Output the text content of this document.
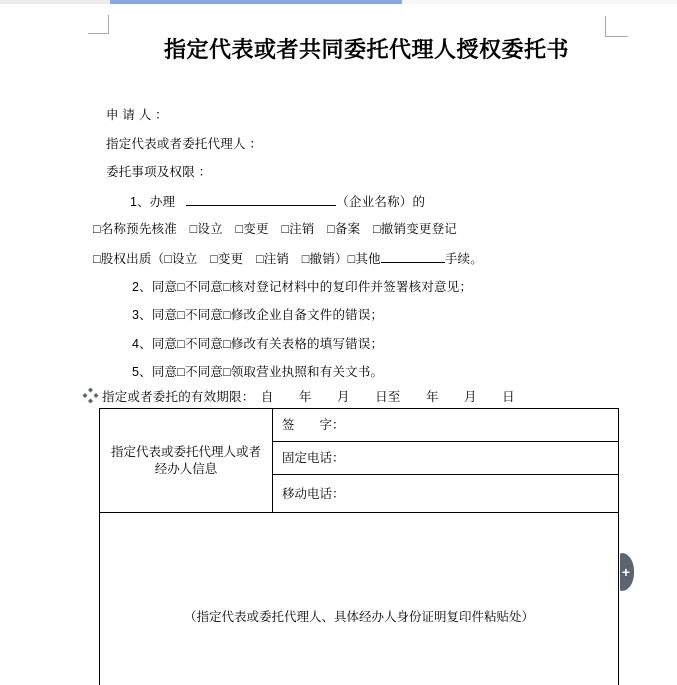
指定代表或者共同委托代理人授权委托书
申 请 人 ：
指定代表或者委托代理人 ：
委托事项及权限 ：
1、办理	（企业名称）的
□名称预先核准　□设立　□变更　□注销　□备案　□撤销变更登记
□股权出质（□设立　□变更　□注销　□撤销）□其他	手续。
2、同意□不同意□核对登记材料中的复印件并签署核对意见；
3、同意□不同意□修改企业自备文件的错误；
4、同意□不同意□修改有关表格的填写错误；
5、同意□不同意□领取营业执照和有关文书。
指定或者委托的有效期限：　自　　年　　月　　日至　　年　　月　　日
指定代表或委托代理人或者
经办人信息
签　　字：
固定电话：
移动电话：
（指定代表或委托代理人、具体经办人身份证明复印件粘贴处）
+
